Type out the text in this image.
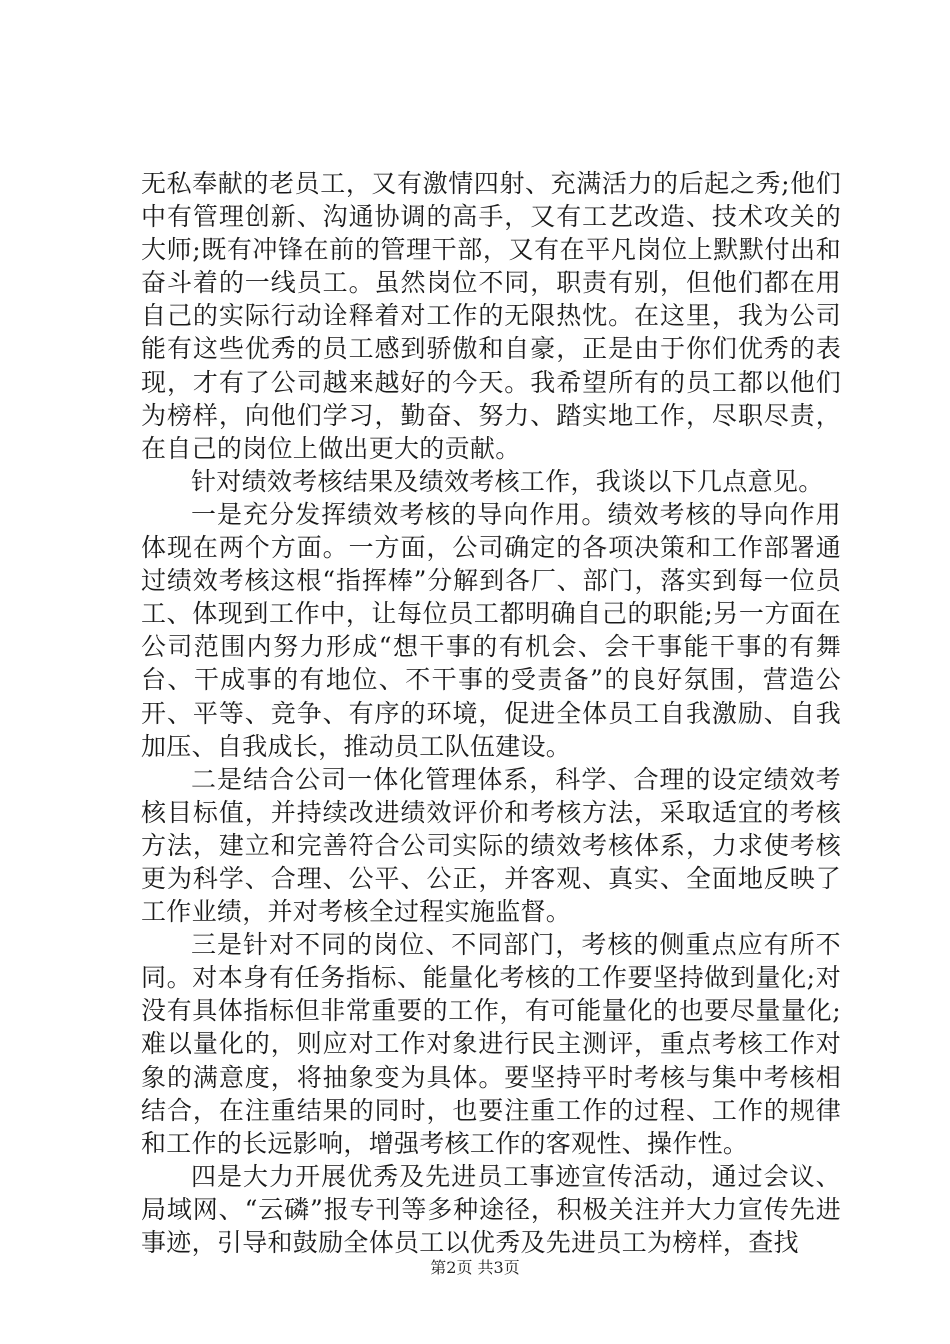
无私奉献的老员工，又有激情四射、充满活力的后起之秀;他们中有管理创新、沟通协调的高手，又有工艺改造、技术攻关的大师;既有冲锋在前的管理干部，又有在平凡岗位上默默付出和奋斗着的一线员工。虽然岗位不同，职责有别，但他们都在用自己的实际行动诠释着对工作的无限热忱。在这里，我为公司能有这些优秀的员工感到骄傲和自豪，正是由于你们优秀的表现，才有了公司越来越好的今天。我希望所有的员工都以他们为榜样，向他们学习，勤奋、努力、踏实地工作，尽职尽责，在自己的岗位上做出更大的贡献。

针对绩效考核结果及绩效考核工作，我谈以下几点意见。

一是充分发挥绩效考核的导向作用。绩效考核的导向作用体现在两个方面。一方面，公司确定的各项决策和工作部署通过绩效考核这根“指挥棒”分解到各厂、部门，落实到每一位员工、体现到工作中，让每位员工都明确自己的职能;另一方面在公司范围内努力形成“想干事的有机会、会干事能干事的有舞台、干成事的有地位、不干事的受责备”的良好氛围，营造公开、平等、竞争、有序的环境，促进全体员工自我激励、自我加压、自我成长，推动员工队伍建设。

二是结合公司一体化管理体系，科学、合理的设定绩效考核目标值，并持续改进绩效评价和考核方法，采取适宜的考核方法，建立和完善符合公司实际的绩效考核体系，力求使考核更为科学、合理、公平、公正，并客观、真实、全面地反映了工作业绩，并对考核全过程实施监督。

三是针对不同的岗位、不同部门，考核的侧重点应有所不同。对本身有任务指标、能量化考核的工作要坚持做到量化;对没有具体指标但非常重要的工作，有可能量化的也要尽量量化;难以量化的，则应对工作对象进行民主测评，重点考核工作对象的满意度，将抽象变为具体。要坚持平时考核与集中考核相结合，在注重结果的同时，也要注重工作的过程、工作的规律和工作的长远影响，增强考核工作的客观性、操作性。

四是大力开展优秀及先进员工事迹宣传活动，通过会议、局域网、“云磷”报专刊等多种途径，积极关注并大力宣传先进事迹，引导和鼓励全体员工以优秀及先进员工为榜样，查找

第2页 共3页
